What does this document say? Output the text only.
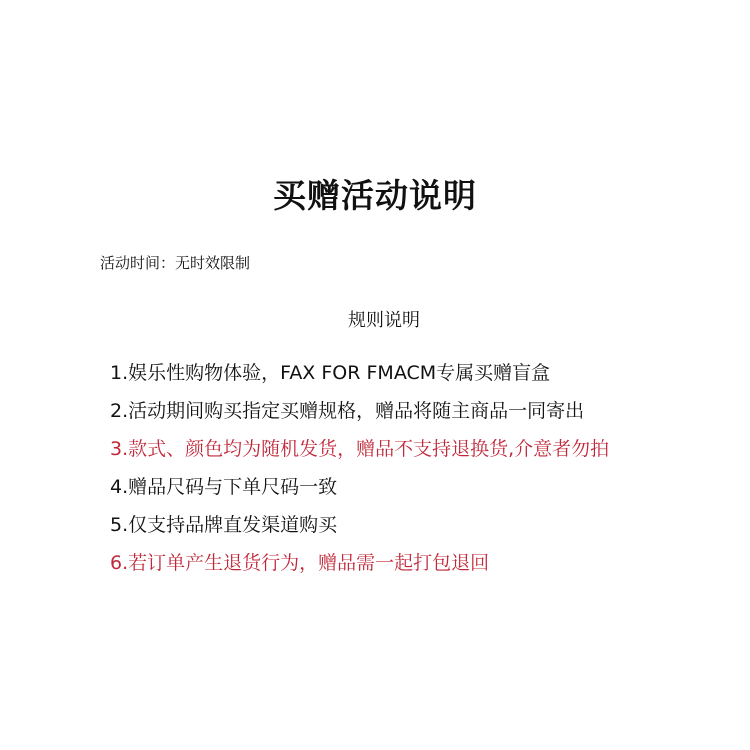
买赠活动说明
活动时间：无时效限制
规则说明
1.娱乐性购物体验，FAX FOR FMACM专属买赠盲盒
2.活动期间购买指定买赠规格，赠品将随主商品一同寄出
3.款式、颜色均为随机发货，赠品不支持退换货,介意者勿拍
4.赠品尺码与下单尺码一致
5.仅支持品牌直发渠道购买
6.若订单产生退货行为，赠品需一起打包退回
